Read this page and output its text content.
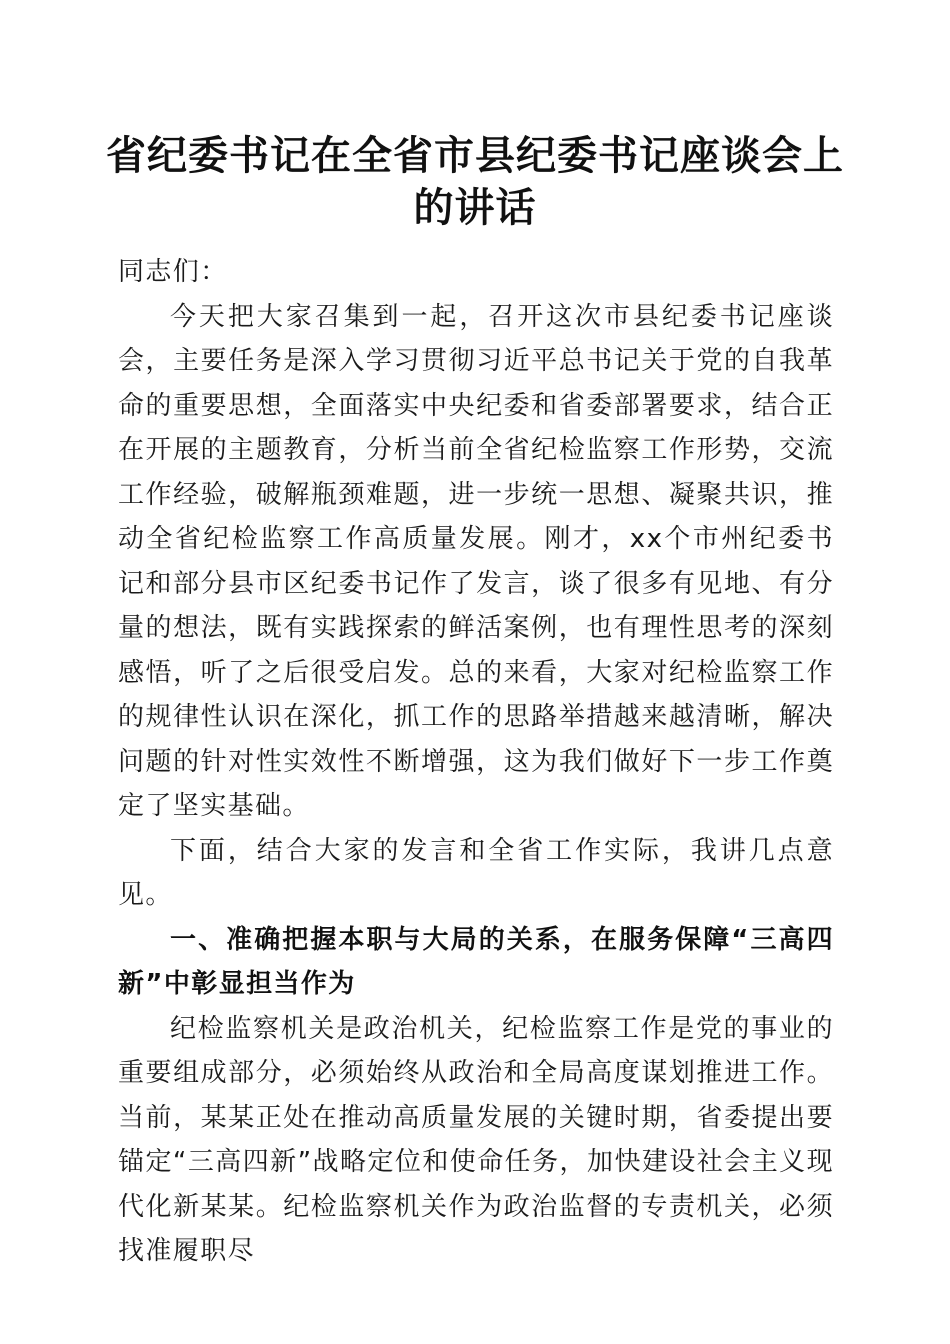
省纪委书记在全省市县纪委书记座谈会上的讲话

同志们：

今天把大家召集到一起，召开这次市县纪委书记座谈会，主要任务是深入学习贯彻习近平总书记关于党的自我革命的重要思想，全面落实中央纪委和省委部署要求，结合正在开展的主题教育，分析当前全省纪检监察工作形势，交流工作经验，破解瓶颈难题，进一步统一思想、凝聚共识，推动全省纪检监察工作高质量发展。刚才，xx个市州纪委书记和部分县市区纪委书记作了发言，谈了很多有见地、有分量的想法，既有实践探索的鲜活案例，也有理性思考的深刻感悟，听了之后很受启发。总的来看，大家对纪检监察工作的规律性认识在深化，抓工作的思路举措越来越清晰，解决问题的针对性实效性不断增强，这为我们做好下一步工作奠定了坚实基础。

下面，结合大家的发言和全省工作实际，我讲几点意见。

一、准确把握本职与大局的关系，在服务保障“三高四新”中彰显担当作为

纪检监察机关是政治机关，纪检监察工作是党的事业的重要组成部分，必须始终从政治和全局高度谋划推进工作。当前，某某正处在推动高质量发展的关键时期，省委提出要锚定“三高四新”战略定位和使命任务，加快建设社会主义现代化新某某。纪检监察机关作为政治监督的专责机关，必须找准履职尽
